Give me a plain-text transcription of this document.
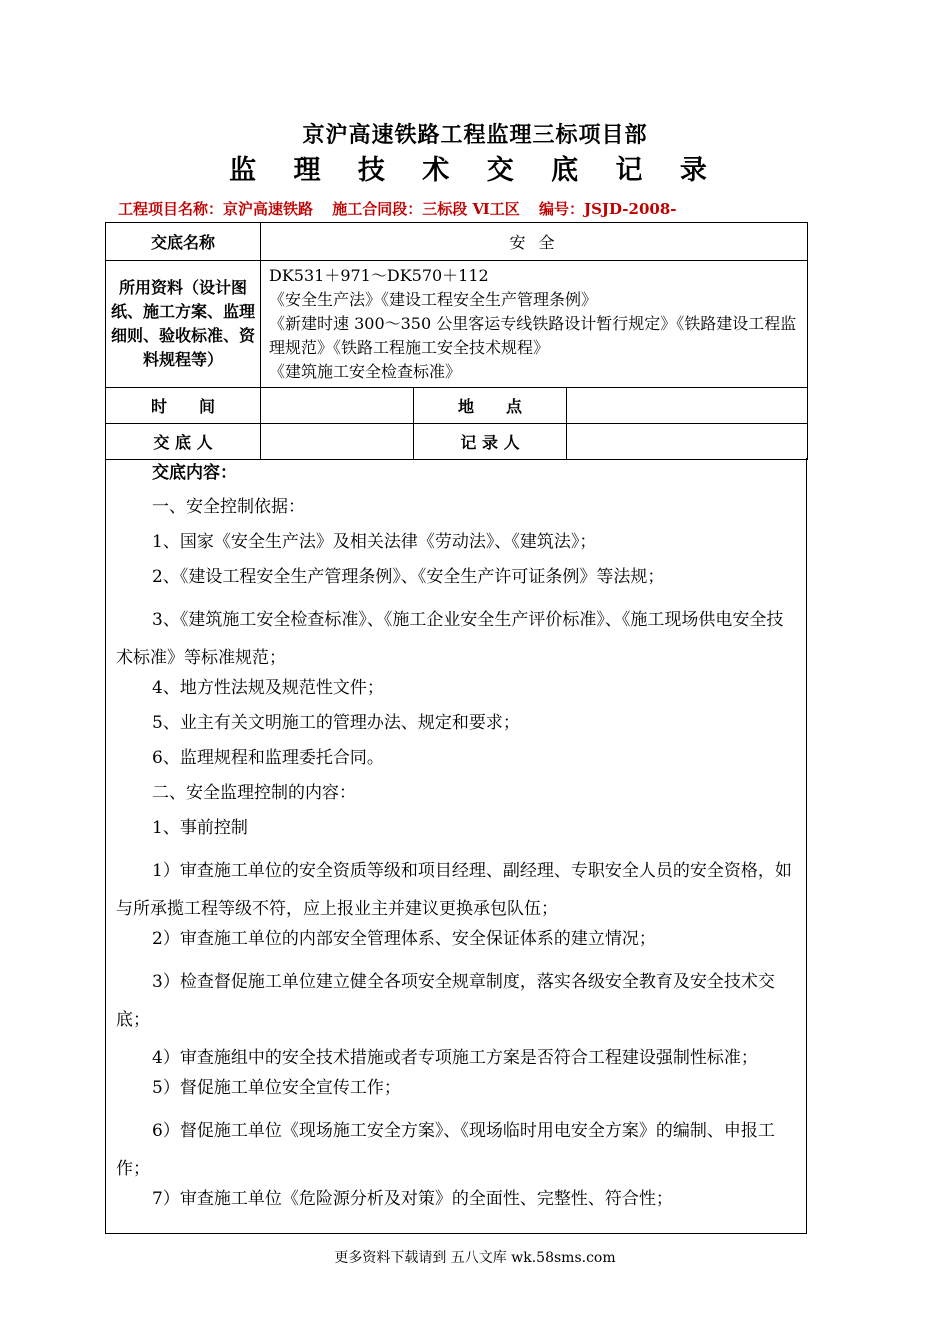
京沪高速铁路工程监理三标项目部
监 理 技 术 交 底 记 录
工程项目名称：京沪高速铁路 施工合同段：三标段 Ⅵ工区 编号：JSJD-2008-
交底名称	安 全		
所用资料（设计图纸、施工方案、监理细则、验收标准、资料规程等）	DK531＋971～DK570＋112
《安全生产法》《建设工程安全生产管理条例》
《新建时速 300～350 公里客运专线铁路设计暂行规定》《铁路建设工程监理规范》《铁路工程施工安全技术规程》
《建筑施工安全检查标准》		

时　　间		地　　点	
交 底 人		记 录 人	

交底内容：

一、安全控制依据：

1、国家《安全生产法》及相关法律《劳动法》、《建筑法》；

2、《建设工程安全生产管理条例》、《安全生产许可证条例》等法规；

3、《建筑施工安全检查标准》、《施工企业安全生产评价标准》、《施工现场供电安全技术标准》等标准规范；

4、地方性法规及规范性文件；

5、业主有关文明施工的管理办法、规定和要求；

6、监理规程和监理委托合同。

二、安全监理控制的内容：

1、事前控制

1）审查施工单位的安全资质等级和项目经理、副经理、专职安全人员的安全资格，如与所承揽工程等级不符，应上报业主并建议更换承包队伍；

2）审查施工单位的内部安全管理体系、安全保证体系的建立情况；

3）检查督促施工单位建立健全各项安全规章制度，落实各级安全教育及安全技术交底；

4）审查施组中的安全技术措施或者专项施工方案是否符合工程建设强制性标准；

5）督促施工单位安全宣传工作；

6）督促施工单位《现场施工安全方案》、《现场临时用电安全方案》的编制、申报工作；

7）审查施工单位《危险源分析及对策》的全面性、完整性、符合性；

更多资料下载请到 五八文库 wk.58sms.com
